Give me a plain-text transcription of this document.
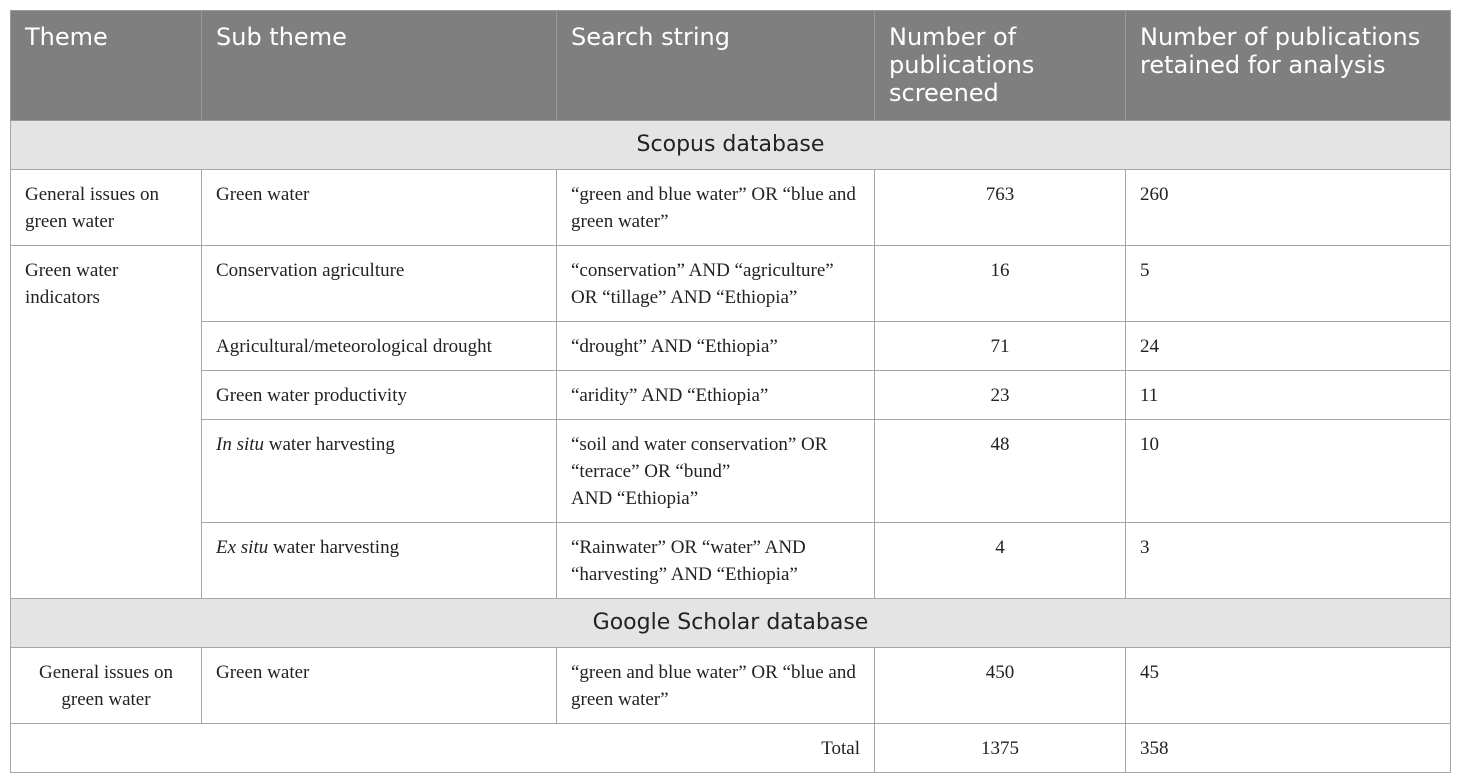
Theme	Sub theme	Search string	Number of publications screened	Number of publications retained for analysis
Scopus database				
General issues on green water	Green water	“green and blue water” OR “blue and green water”	763	260
Green water indicators	Conservation agriculture	“conservation” AND “agriculture” OR “tillage” AND “Ethiopia”	16	5
	Agricultural/meteorological drought	“drought” AND “Ethiopia”	71	24
	Green water productivity	“aridity” AND “Ethiopia”	23	11
	In situ water harvesting	“soil and water conservation” OR
“terrace” OR “bund”
AND “Ethiopia”	48	10
	Ex situ water harvesting	“Rainwater” OR “water” AND “harvesting” AND “Ethiopia”	4	3
Google Scholar database				
General issues on green water	Green water	“green and blue water” OR “blue and green water”	450	45
Total			1375	358
